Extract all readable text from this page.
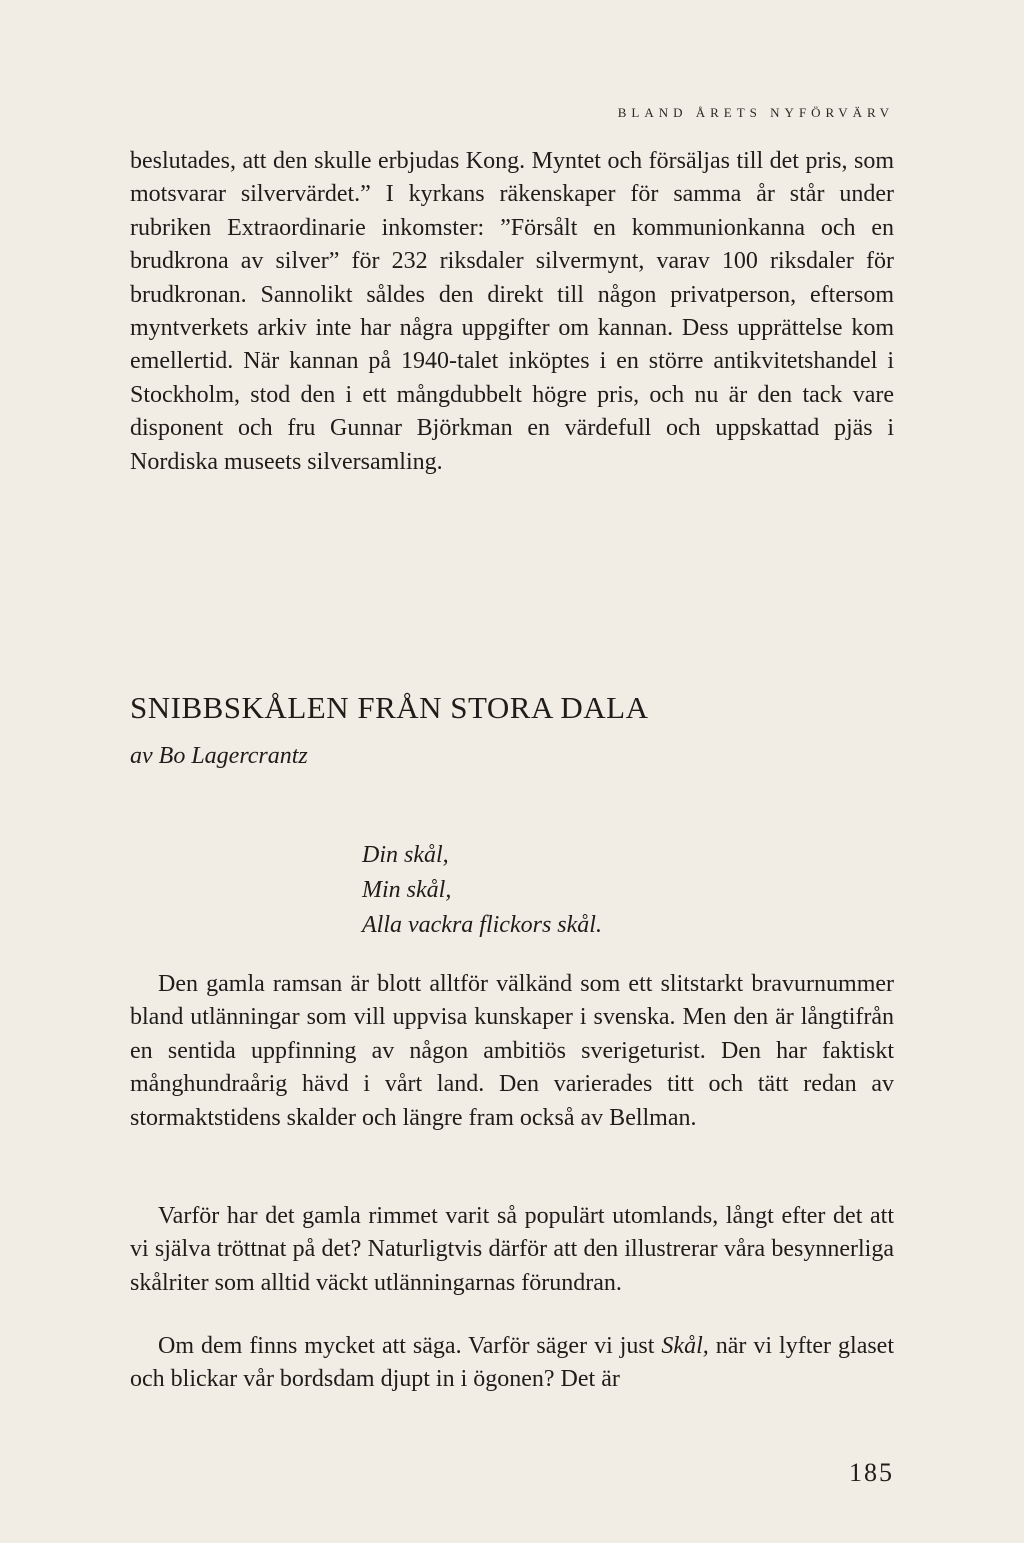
BLAND ÅRETS NYFÖRVÄRV

beslutades, att den skulle erbjudas Kong. Myntet och försäljas till det pris, som motsvarar silvervärdet.” I kyrkans räkenskaper för samma år står under rubriken Extraordinarie inkomster: ”Försålt en kommunionkanna och en brudkrona av silver” för 232 riksdaler silvermynt, varav 100 riksdaler för brudkronan. Sannolikt såldes den direkt till någon privatperson, eftersom myntverkets arkiv inte har några uppgifter om kannan. Dess upprättelse kom emellertid. När kannan på 1940-talet inköptes i en större antikvitetshandel i Stockholm, stod den i ett mångdubbelt högre pris, och nu är den tack vare disponent och fru Gunnar Björkman en värdefull och uppskattad pjäs i Nordiska museets silversamling.

SNIBBSKÅLEN FRÅN STORA DALA

av Bo Lagercrantz

Din skål,
Min skål,
Alla vackra flickors skål.

Den gamla ramsan är blott alltför välkänd som ett slitstarkt bravurnummer bland utlänningar som vill uppvisa kunskaper i svenska. Men den är långtifrån en sentida uppfinning av någon ambitiös sverigeturist. Den har faktiskt månghundraårig hävd i vårt land. Den varierades titt och tätt redan av stormaktstidens skalder och längre fram också av Bellman.

Varför har det gamla rimmet varit så populärt utomlands, långt efter det att vi själva tröttnat på det? Naturligtvis därför att den illustrerar våra besynnerliga skålriter som alltid väckt utlänningarnas förundran.

Om dem finns mycket att säga. Varför säger vi just Skål, när vi lyfter glaset och blickar vår bordsdam djupt in i ögonen? Det är

185
